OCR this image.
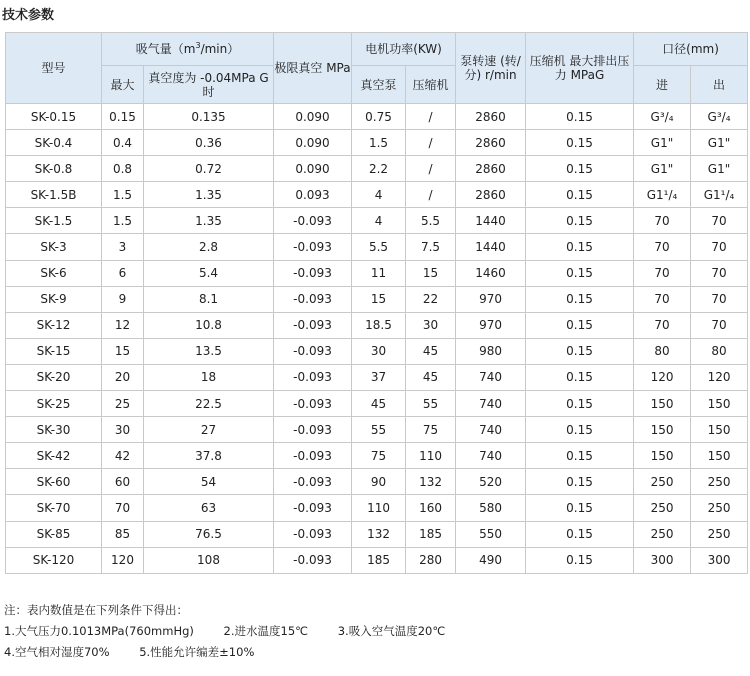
技术参数
型号	吸气量$(m^3/\min)$		极限真空 MPa	电机功率(KW)		泵转速 (转/分) r/min	压缩机 最大排出压力 MPaG	口径(mm)	
	最大	真空度为 -0.04MPa G时		真空泵	压缩机			进	出
SK-0.15	0.15	0.135	0.090	0.75	/	2860	0.15	G³/₄	G³/₄
SK-0.4	0.4	0.36	0.090	1.5	/	2860	0.15	G1"	G1"
SK-0.8	0.8	0.72	0.090	2.2	/	2860	0.15	G1"	G1"
SK-1.5B	1.5	1.35	0.093	4	/	2860	0.15	G1¹/₄	G1¹/₄
SK-1.5	1.5	1.35	-0.093	4	5.5	1440	0.15	70	70
SK-3	3	2.8	-0.093	5.5	7.5	1440	0.15	70	70
SK-6	6	5.4	-0.093	11	15	1460	0.15	70	70
SK-9	9	8.1	-0.093	15	22	970	0.15	70	70
SK-12	12	10.8	-0.093	18.5	30	970	0.15	70	70
SK-15	15	13.5	-0.093	30	45	980	0.15	80	80
SK-20	20	18	-0.093	37	45	740	0.15	120	120
SK-25	25	22.5	-0.093	45	55	740	0.15	150	150
SK-30	30	27	-0.093	55	75	740	0.15	150	150
SK-42	42	37.8	-0.093	75	110	740	0.15	150	150
SK-60	60	54	-0.093	90	132	520	0.15	250	250
SK-70	70	63	-0.093	110	160	580	0.15	250	250
SK-85	85	76.5	-0.093	132	185	550	0.15	250	250
SK-120	120	108	-0.093	185	280	490	0.15	300	300
注：表内数值是在下列条件下得出：
1.大气压力0.1013MPa(760mmHg)	2.进水温度15℃	3.吸入空气温度20℃
4.空气相对湿度70%	5.性能允许编差±10%
